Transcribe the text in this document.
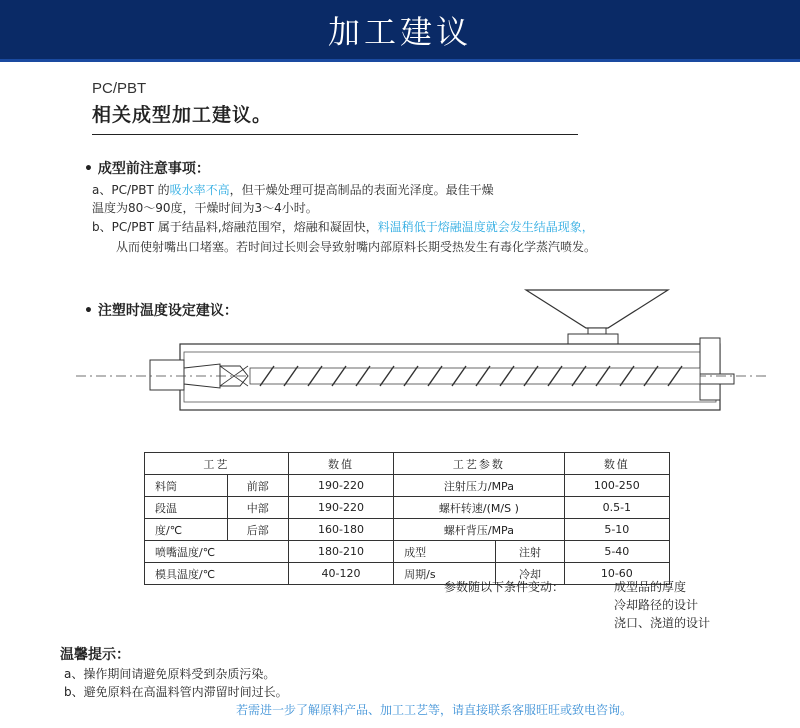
加工建议
PC/PBT
相关成型加工建议。
• 成型前注意事项：
a、PC/PBT 的吸水率不高，但干燥处理可提高制品的表面光泽度。最佳干燥
温度为80～90度，干燥时间为3～4小时。
b、PC/PBT 属于结晶料,熔融范围窄，熔融和凝固快，料温稍低于熔融温度就会发生结晶现象，
从而使射嘴出口堵塞。若时间过长则会导致射嘴内部原料长期受热发生有毒化学蒸汽喷发。
• 注塑时温度设定建议：
工艺		数值	工艺参数		数值
料筒	前部	190-220	注射压力/MPa		100-250
段温	中部	190-220	螺杆转速/(M/S )		0.5-1
度/℃	后部	160-180	螺杆背压/MPa		5-10
喷嘴温度/℃		180-210	成型	注射	5-40
模具温度/℃		40-120	周期/s	冷却	10-60
参数随以下条件变动：	成型品的厚度
冷却路径的设计
浇口、浇道的设计
温馨提示：
a、操作期间请避免原料受到杂质污染。
b、避免原料在高温料管内滞留时间过长。
若需进一步了解原料产品、加工工艺等，请直接联系客服旺旺或致电咨询。
